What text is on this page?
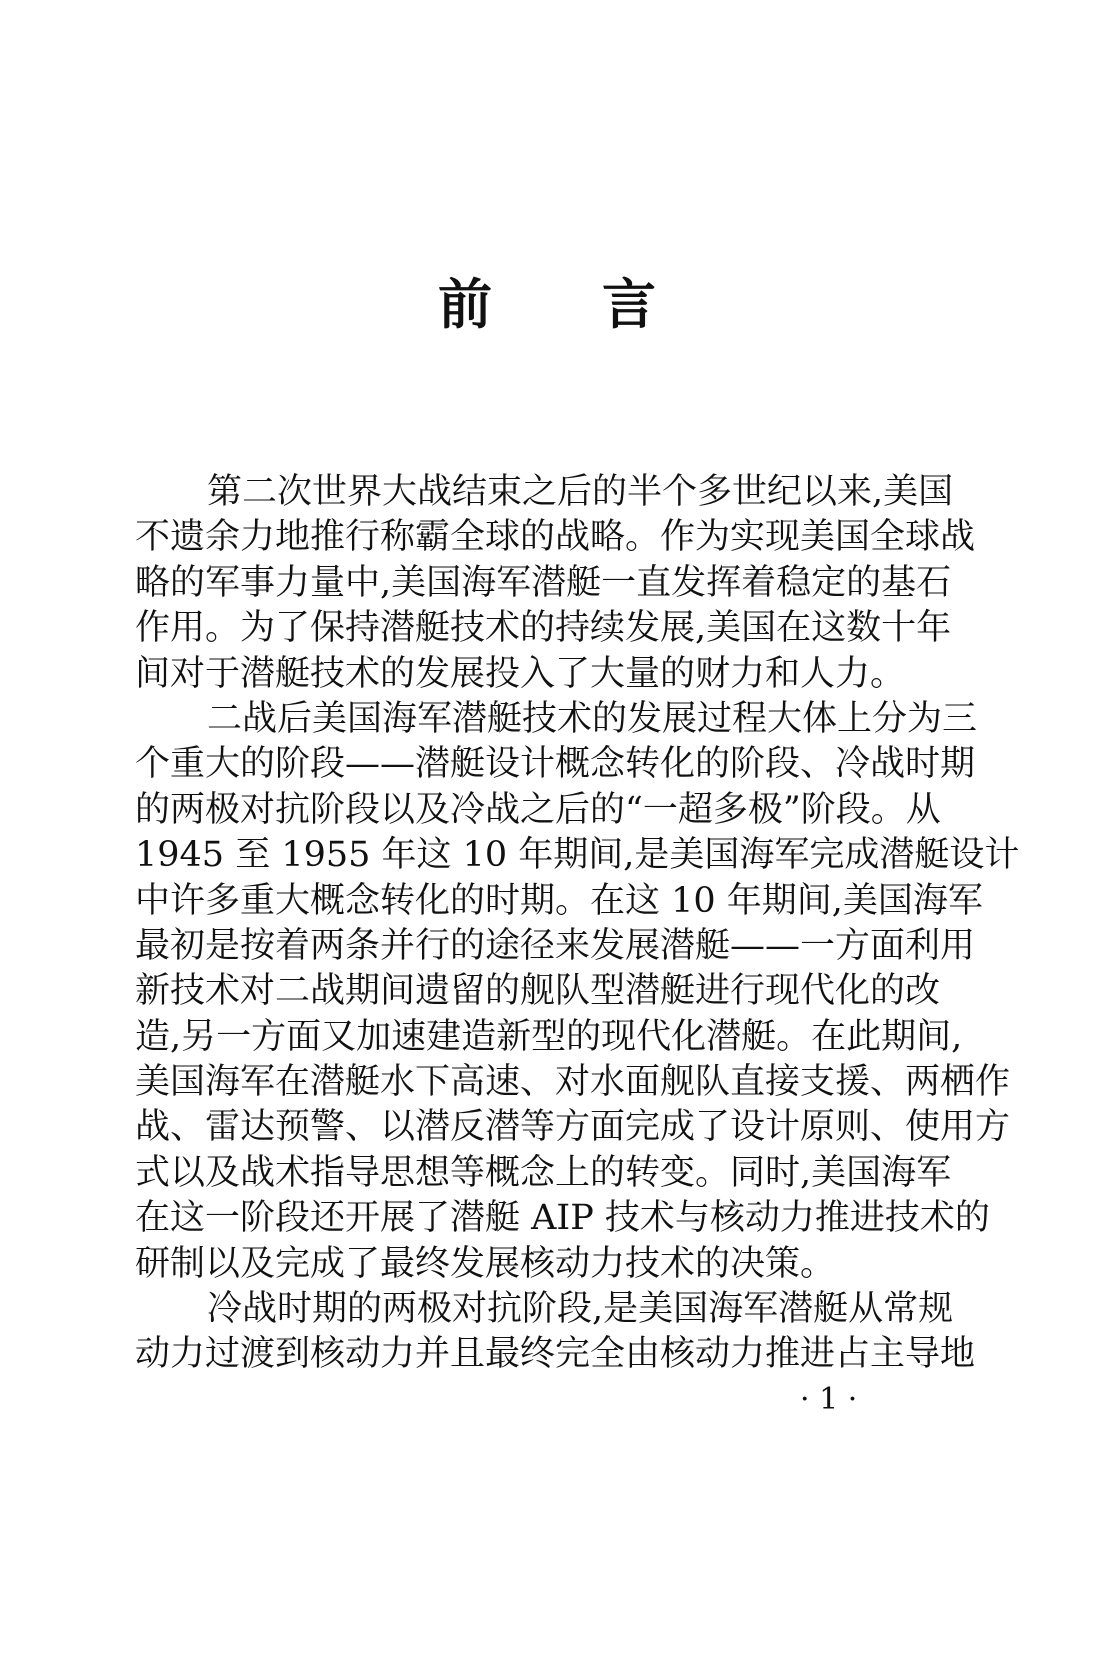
前 言
第二次世界大战结束之后的半个多世纪以来,美国
不遗余力地推行称霸全球的战略。作为实现美国全球战
略的军事力量中,美国海军潜艇一直发挥着稳定的基石
作用。为了保持潜艇技术的持续发展,美国在这数十年
间对于潜艇技术的发展投入了大量的财力和人力。
二战后美国海军潜艇技术的发展过程大体上分为三
个重大的阶段——潜艇设计概念转化的阶段、冷战时期
的两极对抗阶段以及冷战之后的“一超多极”阶段。从
1945 至 1955 年这 10 年期间,是美国海军完成潜艇设计
中许多重大概念转化的时期。在这 10 年期间,美国海军
最初是按着两条并行的途径来发展潜艇——一方面利用
新技术对二战期间遗留的舰队型潜艇进行现代化的改
造,另一方面又加速建造新型的现代化潜艇。在此期间,
美国海军在潜艇水下高速、对水面舰队直接支援、两栖作
战、雷达预警、以潜反潜等方面完成了设计原则、使用方
式以及战术指导思想等概念上的转变。同时,美国海军
在这一阶段还开展了潜艇 AIP 技术与核动力推进技术的
研制以及完成了最终发展核动力技术的决策。
冷战时期的两极对抗阶段,是美国海军潜艇从常规
动力过渡到核动力并且最终完全由核动力推进占主导地
· 1 ·
